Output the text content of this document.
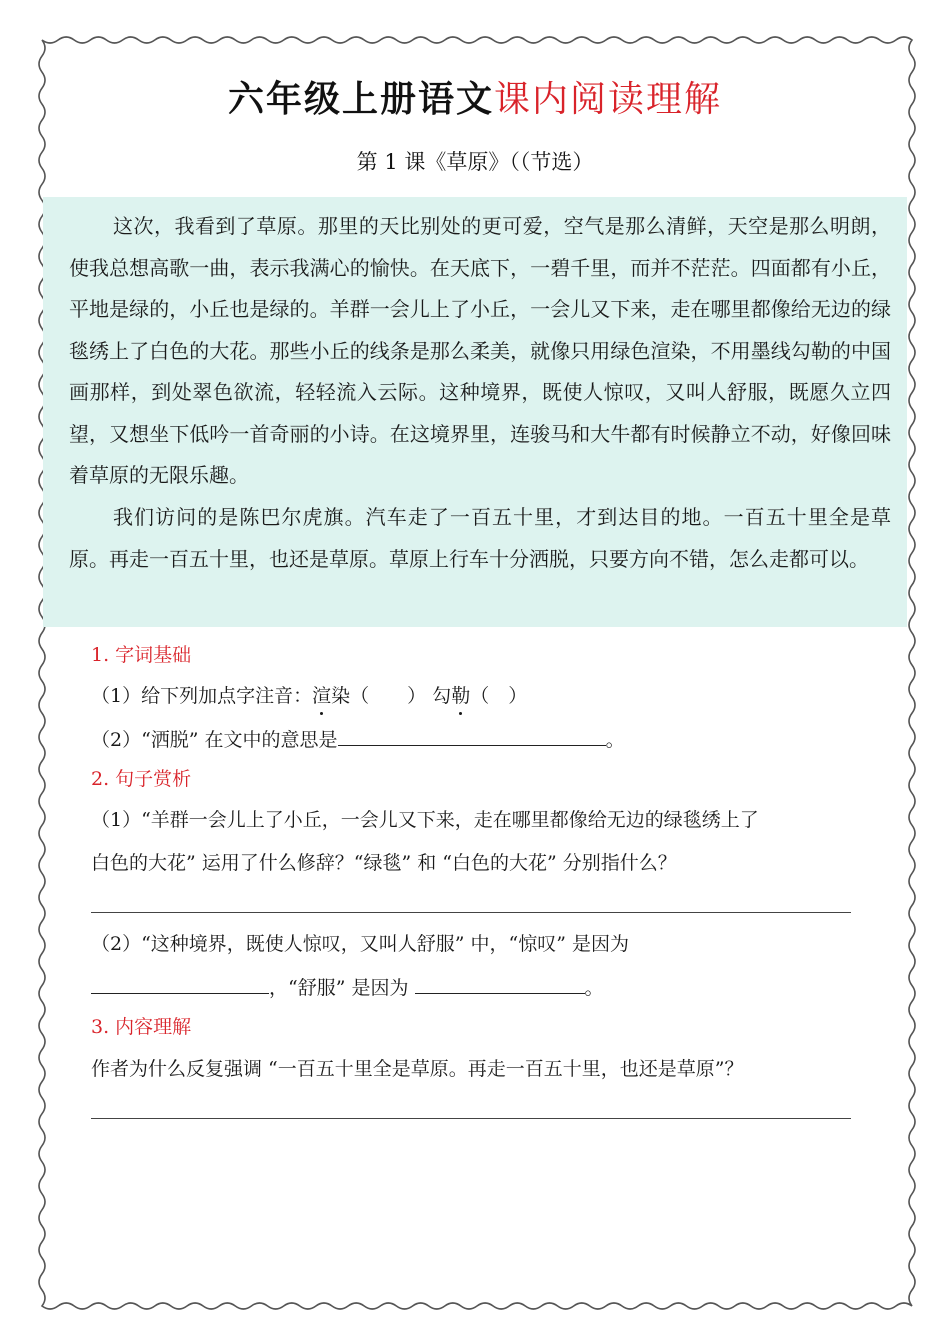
六年级上册语文课内阅读理解
第 1 课《草原》（（节选）

这次，我看到了草原。那里的天比别处的更可爱，空气是那么清鲜，天空是那么明朗，使我总想高歌一曲，表示我满心的愉快。在天底下，一碧千里，而并不茫茫。四面都有小丘，平地是绿的，小丘也是绿的。羊群一会儿上了小丘，一会儿又下来，走在哪里都像给无边的绿毯绣上了白色的大花。那些小丘的线条是那么柔美，就像只用绿色渲染，不用墨线勾勒的中国画那样，到处翠色欲流，轻轻流入云际。这种境界，既使人惊叹，又叫人舒服，既愿久立四望，又想坐下低吟一首奇丽的小诗。在这境界里，连骏马和大牛都有时候静立不动，好像回味着草原的无限乐趣。

我们访问的是陈巴尔虎旗。汽车走了一百五十里，才到达目的地。一百五十里全是草原。再走一百五十里，也还是草原。草原上行车十分洒脱，只要方向不错，怎么走都可以。

1. 字词基础
（1）给下列加点字注音：渲染（　　） 勾勒（　）
（2）“洒脱” 在文中的意思是	。
2. 句子赏析
（1）“羊群一会儿上了小丘，一会儿又下来，走在哪里都像给无边的绿毯绣上了
白色的大花” 运用了什么修辞？“绿毯” 和 “白色的大花” 分别指什么？
（2）“这种境界，既使人惊叹，又叫人舒服” 中，“惊叹” 是因为
，“舒服” 是因为	。
3. 内容理解
作者为什么反复强调 “一百五十里全是草原。再走一百五十里，也还是草原”？
